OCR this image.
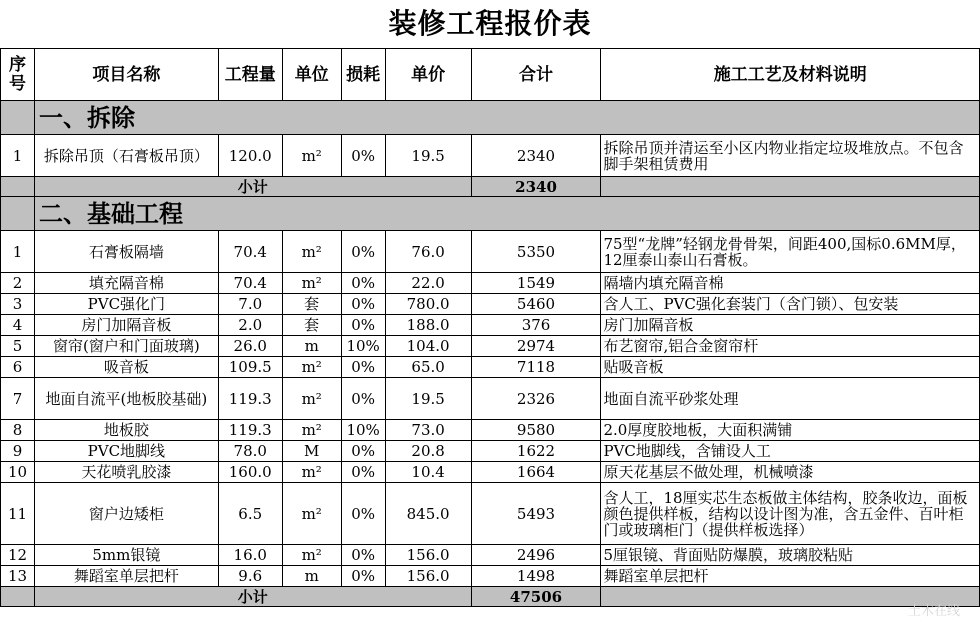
装修工程报价表
序号	项目名称	工程量	单位	损耗	单价	合计	施工工艺及材料说明
	一、拆除						
1	拆除吊顶（石膏板吊顶）	120.0	m²	0%	19.5	2340	拆除吊顶并清运至小区内物业指定垃圾堆放点。不包含脚手架租赁费用
	小计					2340	
	二、基础工程						
1	石膏板隔墙	70.4	m²	0%	76.0	5350	75型“龙牌”轻钢龙骨骨架，间距400,国标0.6MM厚，12厘泰山泰山石膏板。
2	填充隔音棉	70.4	m²	0%	22.0	1549	隔墙内填充隔音棉
3	PVC强化门	7.0	套	0%	780.0	5460	含人工、PVC强化套装门（含门锁）、包安装
4	房门加隔音板	2.0	套	0%	188.0	376	房门加隔音板
5	窗帘(窗户和门面玻璃)	26.0	m	10%	104.0	2974	布艺窗帘,铝合金窗帘杆
6	吸音板	109.5	m²	0%	65.0	7118	贴吸音板
7	地面自流平(地板胶基础)	119.3	m²	0%	19.5	2326	地面自流平砂浆处理
8	地板胶	119.3	m²	10%	73.0	9580	2.0厚度胶地板，大面积满铺
9	PVC地脚线	78.0	M	0%	20.8	1622	PVC地脚线，含铺设人工
10	天花喷乳胶漆	160.0	m²	0%	10.4	1664	原天花基层不做处理，机械喷漆
11	窗户边矮柜	6.5	m²	0%	845.0	5493	含人工，18厘实芯生态板做主体结构，胶条收边，面板颜色提供样板，结构以设计图为准，含五金件、百叶柜门或玻璃柜门（提供样板选择）
12	5mm银镜	16.0	m²	0%	156.0	2496	5厘银镜、背面贴防爆膜，玻璃胶粘贴
13	舞蹈室单层把杆	9.6	m	0%	156.0	1498	舞蹈室单层把杆
	小计					47506	
土木在线
